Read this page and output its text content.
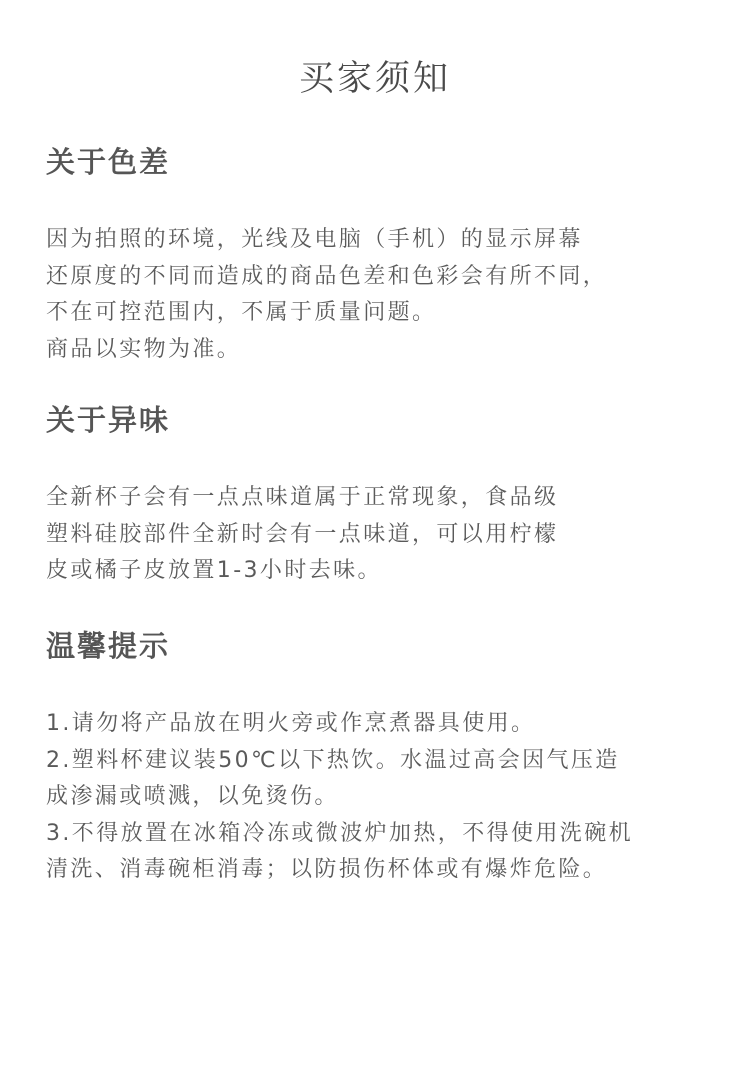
买家须知
关于色差
因为拍照的环境，光线及电脑（手机）的显示屏幕
还原度的不同而造成的商品色差和色彩会有所不同，
不在可控范围内，不属于质量问题。
商品以实物为准。
关于异味
全新杯子会有一点点味道属于正常现象，食品级
塑料硅胶部件全新时会有一点味道，可以用柠檬
皮或橘子皮放置1-3小时去味。
温馨提示
1.请勿将产品放在明火旁或作烹煮器具使用。
2.塑料杯建议装50℃以下热饮。水温过高会因气压造
成渗漏或喷溅，以免烫伤。
3.不得放置在冰箱冷冻或微波炉加热，不得使用洗碗机
清洗、消毒碗柜消毒；以防损伤杯体或有爆炸危险。
